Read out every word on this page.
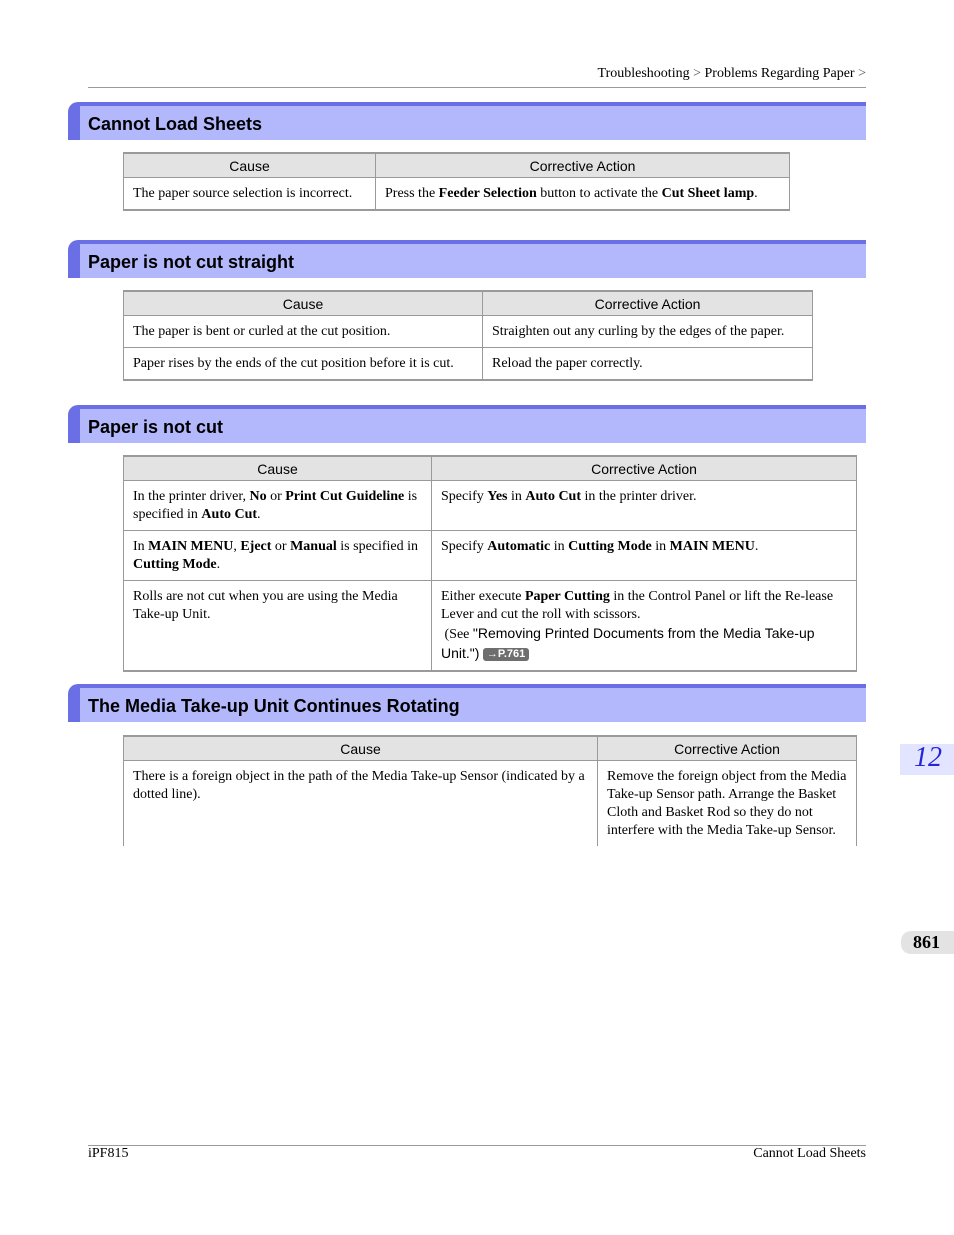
Troubleshooting > Problems Regarding Paper >
Cannot Load Sheets
Cause	Corrective Action
The paper source selection is incorrect.	Press the Feeder Selection button to activate the Cut Sheet lamp.
Paper is not cut straight
Cause	Corrective Action
The paper is bent or curled at the cut position.	Straighten out any curling by the edges of the paper.
Paper rises by the ends of the cut position before it is cut.	Reload the paper correctly.
Paper is not cut
Cause	Corrective Action
In the printer driver, No or Print Cut Guideline is specified in Auto Cut.	Specify Yes in Auto Cut in the printer driver.
In MAIN MENU, Eject or Manual is specified in Cutting Mode.	Specify Automatic in Cutting Mode in MAIN MENU.
Rolls are not cut when you are using the Media Take-up Unit.	Either execute Paper Cutting in the Control Panel or lift the Re-lease Lever and cut the roll with scissors.
(See "Removing Printed Documents from the Media Take-up Unit.") →P.761
The Media Take-up Unit Continues Rotating
Cause	Corrective Action
There is a foreign object in the path of the Media Take-up Sensor (indicated by a dotted line).	Remove the foreign object from the Media Take-up Sensor path. Arrange the Basket Cloth and Basket Rod so they do not interfere with the Media Take-up Sensor.
12
861
iPF815	Cannot Load Sheets
